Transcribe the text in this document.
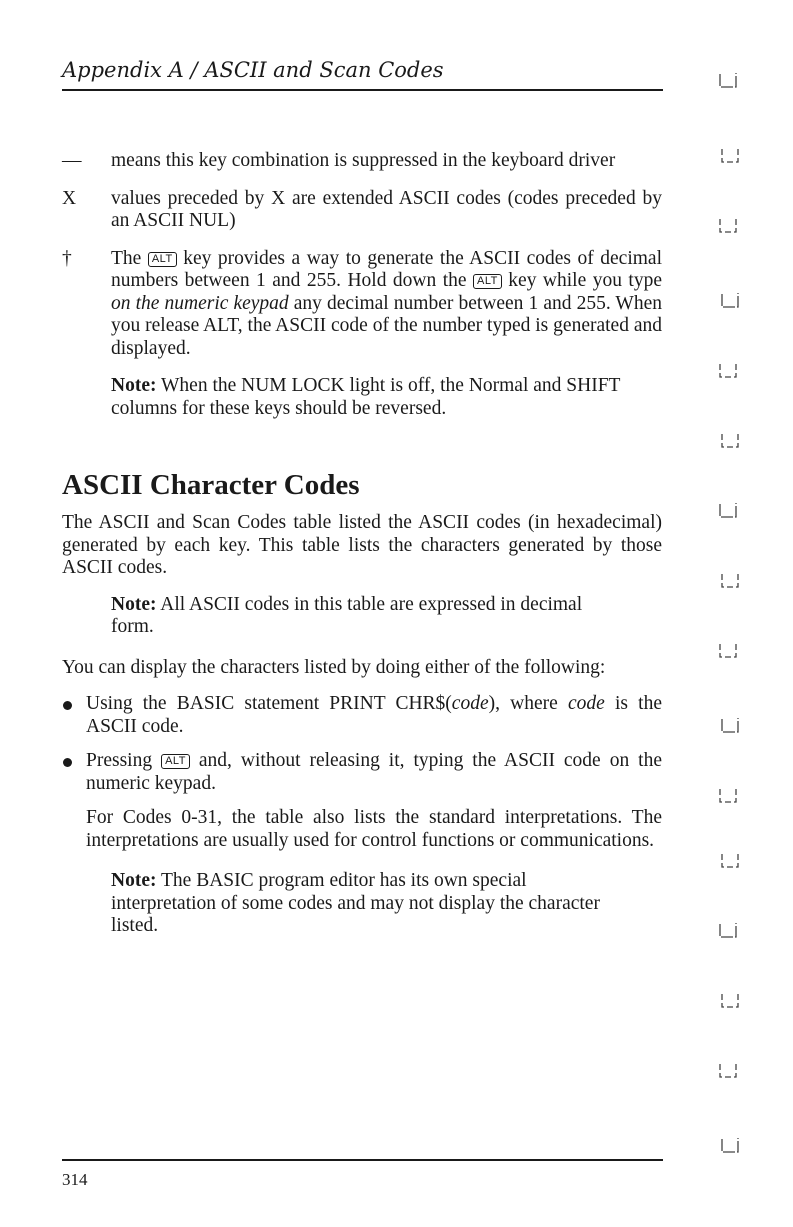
Appendix A / ASCII and Scan Codes
—	means this key combination is suppressed in the keyboard driver
X	values preceded by X are extended ASCII codes (codes preceded by an ASCII NUL)
†	The ALT key provides a way to generate the ASCII codes of decimal numbers between 1 and 255. Hold down the ALT key while you type on the numeric keypad any decimal number between 1 and 255. When you release ALT, the ASCII code of the number typed is generated and displayed.
Note: When the NUM LOCK light is off, the Normal and SHIFT columns for these keys should be reversed.
ASCII Character Codes

The ASCII and Scan Codes table listed the ASCII codes (in hexadecimal) generated by each key. This table lists the characters generated by those ASCII codes.

Note: All ASCII codes in this table are expressed in decimal form.

You can display the characters listed by doing either of the following:

Using the BASIC statement PRINT CHR$(code), where code is the ASCII code.
Pressing ALT and, without releasing it, typing the ASCII code on the numeric keypad.

For Codes 0-31, the table also lists the standard interpretations. The interpretations are usually used for control functions or communications.

Note: The BASIC program editor has its own special interpretation of some codes and may not display the character listed.
314
